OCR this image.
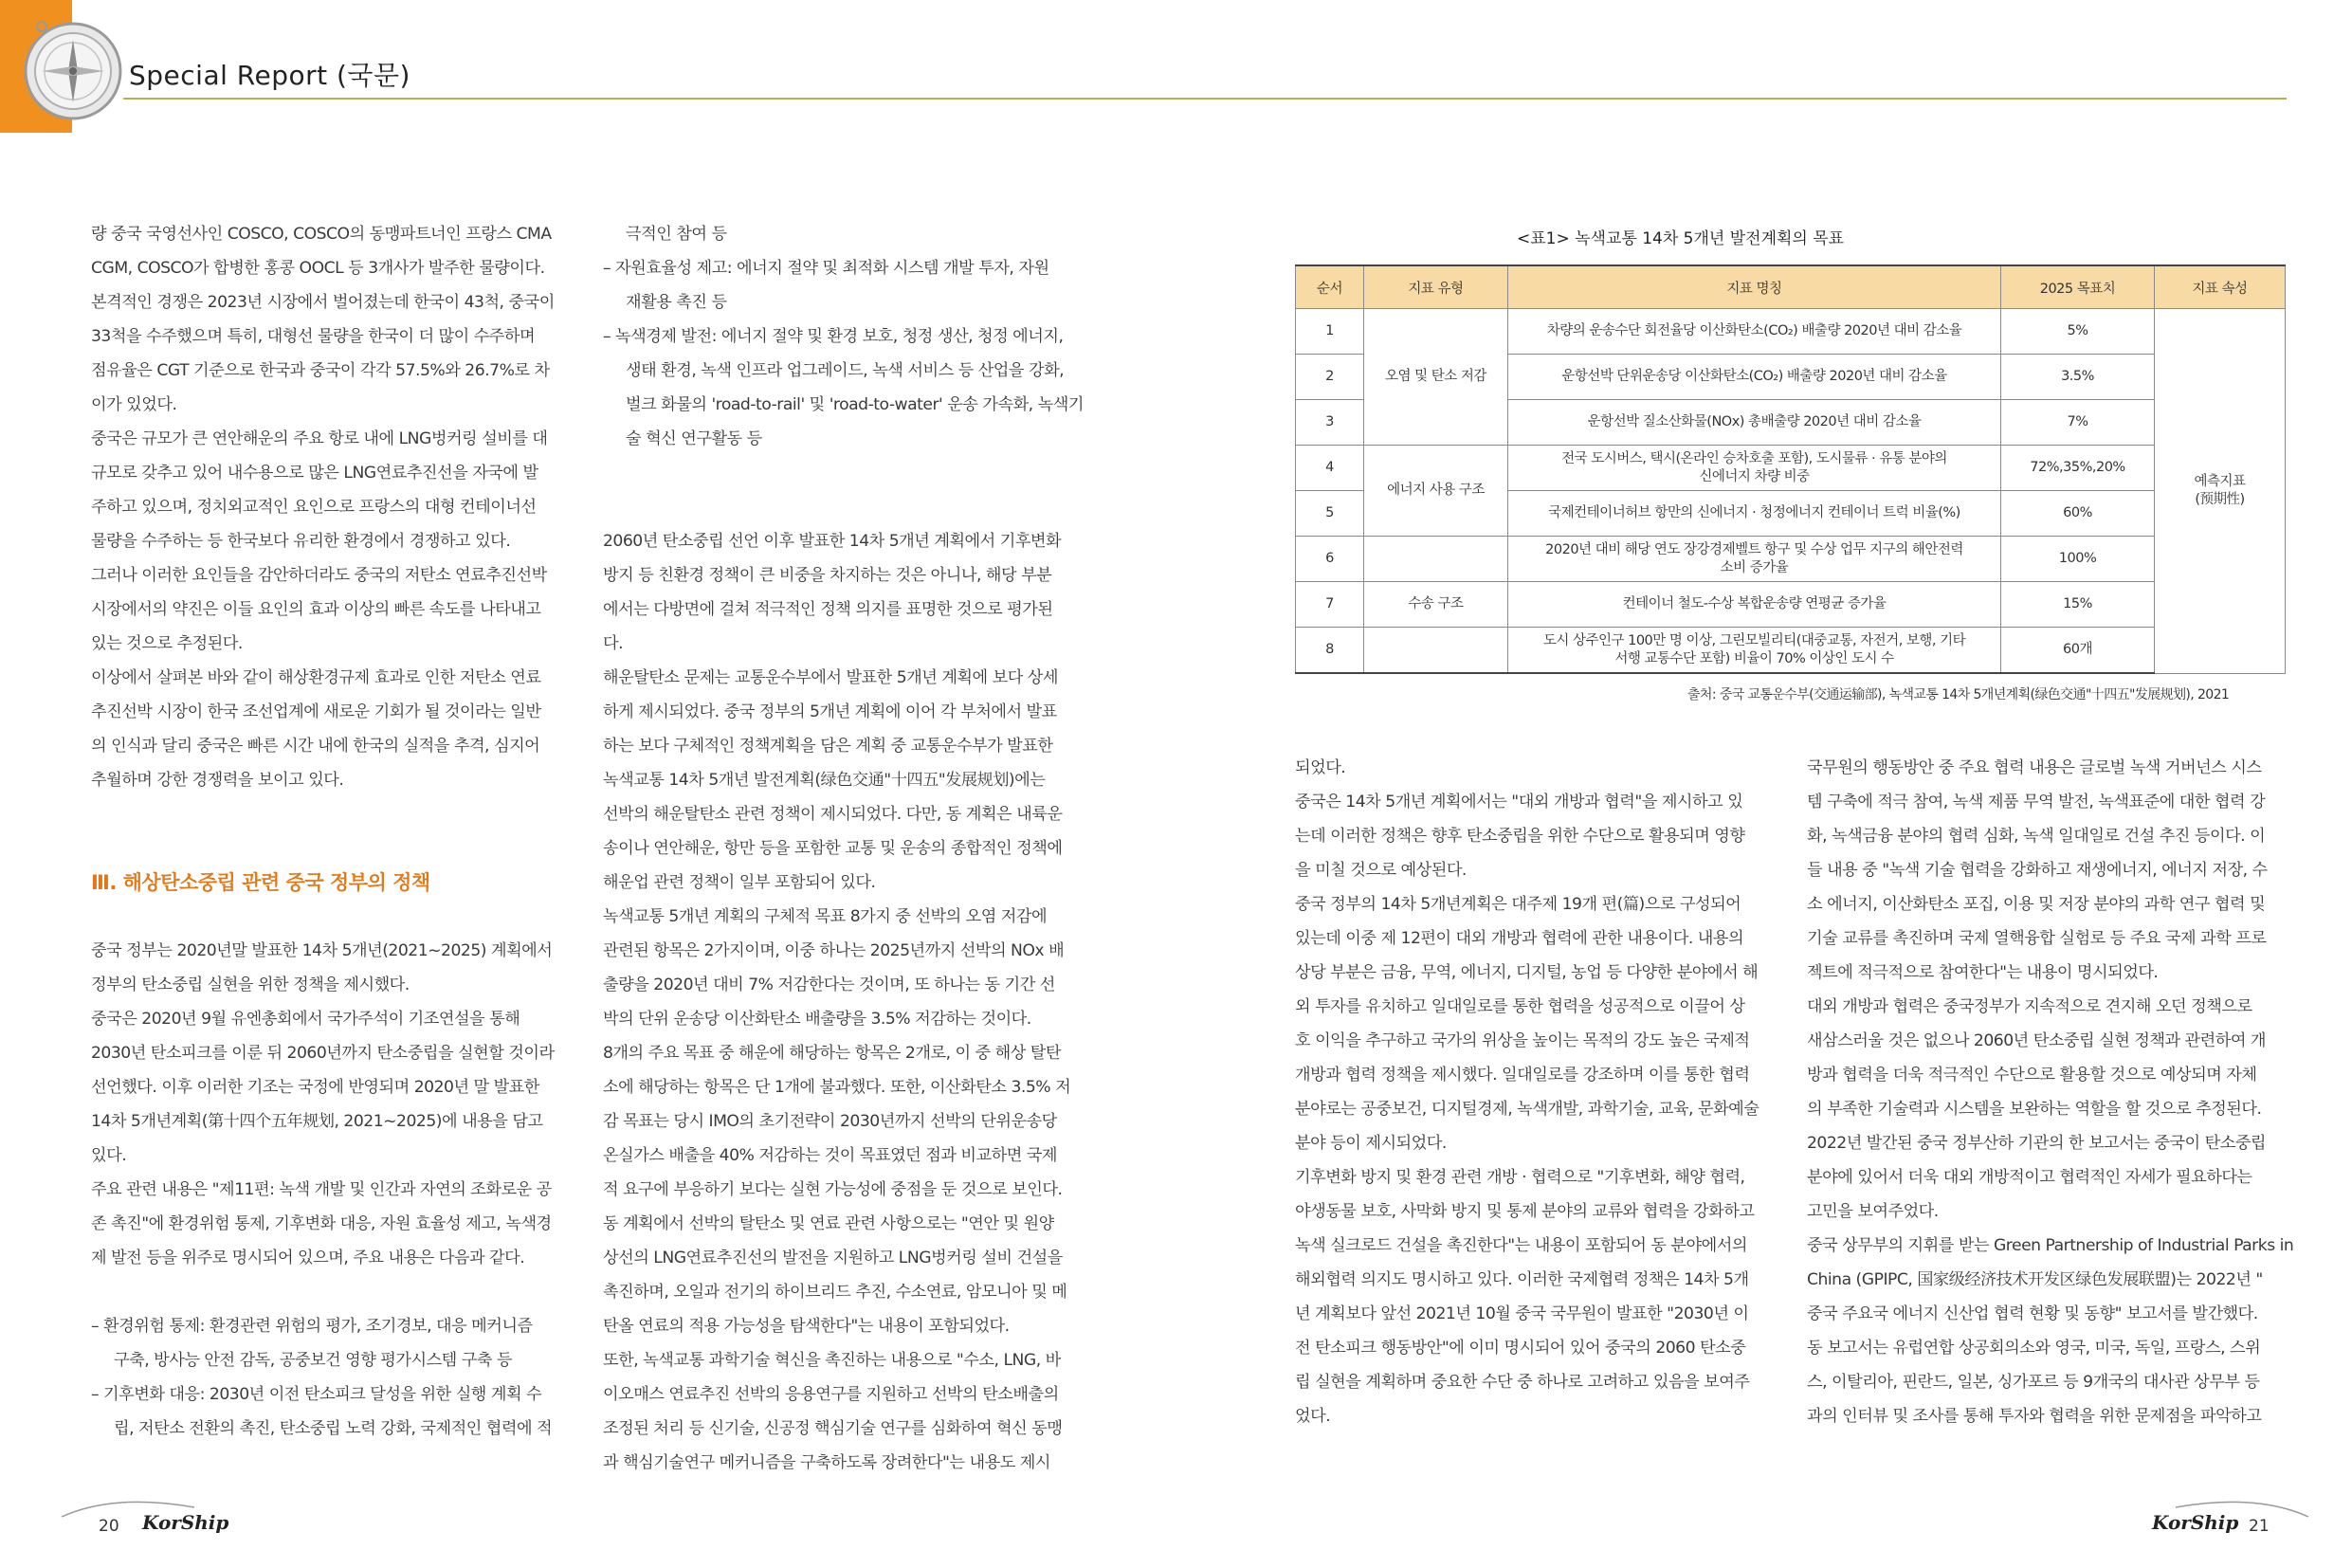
Special Report (국문)
량 중국 국영선사인 COSCO, COSCO의 동맹파트너인 프랑스 CMA
CGM, COSCO가 합병한 홍콩 OOCL 등 3개사가 발주한 물량이다.
본격적인 경쟁은 2023년 시장에서 벌어졌는데 한국이 43척, 중국이
33척을 수주했으며 특히, 대형선 물량을 한국이 더 많이 수주하며
점유율은 CGT 기준으로 한국과 중국이 각각 57.5%와 26.7%로 차
이가 있었다.
중국은 규모가 큰 연안해운의 주요 항로 내에 LNG벙커링 설비를 대
규모로 갖추고 있어 내수용으로 많은 LNG연료추진선을 자국에 발
주하고 있으며, 정치외교적인 요인으로 프랑스의 대형 컨테이너선
물량을 수주하는 등 한국보다 유리한 환경에서 경쟁하고 있다.
그러나 이러한 요인들을 감안하더라도 중국의 저탄소 연료추진선박
시장에서의 약진은 이들 요인의 효과 이상의 빠른 속도를 나타내고
있는 것으로 추정된다.
이상에서 살펴본 바와 같이 해상환경규제 효과로 인한 저탄소 연료
추진선박 시장이 한국 조선업계에 새로운 기회가 될 것이라는 일반
의 인식과 달리 중국은 빠른 시간 내에 한국의 실적을 추격, 심지어
추월하며 강한 경쟁력을 보이고 있다.
Ⅲ. 해상탄소중립 관련 중국 정부의 정책
중국 정부는 2020년말 발표한 14차 5개년(2021~2025) 계획에서
정부의 탄소중립 실현을 위한 정책을 제시했다.
중국은 2020년 9월 유엔총회에서 국가주석이 기조연설을 통해
2030년 탄소피크를 이룬 뒤 2060년까지 탄소중립을 실현할 것이라
선언했다. 이후 이러한 기조는 국정에 반영되며 2020년 말 발표한
14차 5개년계획(第十四个五年规划, 2021~2025)에 내용을 담고
있다.
주요 관련 내용은 "제11편: 녹색 개발 및 인간과 자연의 조화로운 공
존 촉진"에 환경위험 통제, 기후변화 대응, 자원 효율성 제고, 녹색경
제 발전 등을 위주로 명시되어 있으며, 주요 내용은 다음과 같다.
– 환경위험 통제: 환경관련 위험의 평가, 조기경보, 대응 메커니즘
구축, 방사능 안전 감독, 공중보건 영향 평가시스템 구축 등
– 기후변화 대응: 2030년 이전 탄소피크 달성을 위한 실행 계획 수
립, 저탄소 전환의 촉진, 탄소중립 노력 강화, 국제적인 협력에 적
극적인 참여 등
– 자원효율성 제고: 에너지 절약 및 최적화 시스템 개발 투자, 자원
재활용 촉진 등
– 녹색경제 발전: 에너지 절약 및 환경 보호, 청정 생산, 청정 에너지,
생태 환경, 녹색 인프라 업그레이드, 녹색 서비스 등 산업을 강화,
벌크 화물의 'road-to-rail' 및 'road-to-water' 운송 가속화, 녹색기
술 혁신 연구활동 등
2060년 탄소중립 선언 이후 발표한 14차 5개년 계획에서 기후변화
방지 등 친환경 정책이 큰 비중을 차지하는 것은 아니나, 해당 부분
에서는 다방면에 걸쳐 적극적인 정책 의지를 표명한 것으로 평가된
다.
해운탈탄소 문제는 교통운수부에서 발표한 5개년 계획에 보다 상세
하게 제시되었다. 중국 정부의 5개년 계획에 이어 각 부처에서 발표
하는 보다 구체적인 정책계획을 담은 계획 중 교통운수부가 발표한
녹색교통 14차 5개년 발전계획(绿色交通"十四五"发展规划)에는
선박의 해운탈탄소 관련 정책이 제시되었다. 다만, 동 계획은 내륙운
송이나 연안해운, 항만 등을 포함한 교통 및 운송의 종합적인 정책에
해운업 관련 정책이 일부 포함되어 있다.
녹색교통 5개년 계획의 구체적 목표 8가지 중 선박의 오염 저감에
관련된 항목은 2가지이며, 이중 하나는 2025년까지 선박의 NOx 배
출량을 2020년 대비 7% 저감한다는 것이며, 또 하나는 동 기간 선
박의 단위 운송당 이산화탄소 배출량을 3.5% 저감하는 것이다.
8개의 주요 목표 중 해운에 해당하는 항목은 2개로, 이 중 해상 탈탄
소에 해당하는 항목은 단 1개에 불과했다. 또한, 이산화탄소 3.5% 저
감 목표는 당시 IMO의 초기전략이 2030년까지 선박의 단위운송당
온실가스 배출을 40% 저감하는 것이 목표였던 점과 비교하면 국제
적 요구에 부응하기 보다는 실현 가능성에 중점을 둔 것으로 보인다.
동 계획에서 선박의 탈탄소 및 연료 관련 사항으로는 "연안 및 원양
상선의 LNG연료추진선의 발전을 지원하고 LNG벙커링 설비 건설을
촉진하며, 오일과 전기의 하이브리드 추진, 수소연료, 암모니아 및 메
탄올 연료의 적용 가능성을 탐색한다"는 내용이 포함되었다.
또한, 녹색교통 과학기술 혁신을 촉진하는 내용으로 "수소, LNG, 바
이오매스 연료추진 선박의 응용연구를 지원하고 선박의 탄소배출의
조정된 처리 등 신기술, 신공정 핵심기술 연구를 심화하여 혁신 동맹
과 핵심기술연구 메커니즘을 구축하도록 장려한다"는 내용도 제시
<표1> 녹색교통 14차 5개년 발전계획의 목표
순서	지표 유형	지표 명칭	2025 목표치	지표 속성
1	오염 및 탄소 저감	차량의 운송수단 회전율당 이산화탄소(CO₂) 배출량 2020년 대비 감소율	5%	예측지표
(预期性)

2		운항선박 단위운송당 이산화탄소(CO₂) 배출량 2020년 대비 감소율	3.5%	
3		운항선박 질소산화물(NOx) 총배출량 2020년 대비 감소율	7%	
4	에너지 사용 구조	전국 도시버스, 택시(온라인 승차호출 포함), 도시물류 · 유통 분야의
신에너지 차량 비중	72%,35%,20%	
5		국제컨테이너허브 항만의 신에너지 · 청정에너지 컨테이너 트럭 비율(%)	60%	
6		2020년 대비 해당 연도 장강경제벨트 항구 및 수상 업무 지구의 해안전력
소비 증가율	100%	
7	수송 구조	컨테이너 철도-수상 복합운송량 연평균 증가율	15%	
8		도시 상주인구 100만 명 이상, 그린모빌리티(대중교통, 자전거, 보행, 기타
서행 교통수단 포함) 비율이 70% 이상인 도시 수	60개	
출처: 중국 교통운수부(交通运输部), 녹색교통 14차 5개년계획(绿色交通"十四五"发展规划), 2021
되었다.
중국은 14차 5개년 계획에서는 "대외 개방과 협력"을 제시하고 있
는데 이러한 정책은 향후 탄소중립을 위한 수단으로 활용되며 영향
을 미칠 것으로 예상된다.
중국 정부의 14차 5개년계획은 대주제 19개 편(篇)으로 구성되어
있는데 이중 제 12편이 대외 개방과 협력에 관한 내용이다. 내용의
상당 부분은 금융, 무역, 에너지, 디지털, 농업 등 다양한 분야에서 해
외 투자를 유치하고 일대일로를 통한 협력을 성공적으로 이끌어 상
호 이익을 추구하고 국가의 위상을 높이는 목적의 강도 높은 국제적
개방과 협력 정책을 제시했다. 일대일로를 강조하며 이를 통한 협력
분야로는 공중보건, 디지털경제, 녹색개발, 과학기술, 교육, 문화예술
분야 등이 제시되었다.
기후변화 방지 및 환경 관련 개방 · 협력으로 "기후변화, 해양 협력,
야생동물 보호, 사막화 방지 및 통제 분야의 교류와 협력을 강화하고
녹색 실크로드 건설을 촉진한다"는 내용이 포함되어 동 분야에서의
해외협력 의지도 명시하고 있다. 이러한 국제협력 정책은 14차 5개
년 계획보다 앞선 2021년 10월 중국 국무원이 발표한 "2030년 이
전 탄소피크 행동방안"에 이미 명시되어 있어 중국의 2060 탄소중
립 실현을 계획하며 중요한 수단 중 하나로 고려하고 있음을 보여주
었다.
국무원의 행동방안 중 주요 협력 내용은 글로벌 녹색 거버넌스 시스
템 구축에 적극 참여, 녹색 제품 무역 발전, 녹색표준에 대한 협력 강
화, 녹색금융 분야의 협력 심화, 녹색 일대일로 건설 추진 등이다. 이
들 내용 중 "녹색 기술 협력을 강화하고 재생에너지, 에너지 저장, 수
소 에너지, 이산화탄소 포집, 이용 및 저장 분야의 과학 연구 협력 및
기술 교류를 촉진하며 국제 열핵융합 실험로 등 주요 국제 과학 프로
젝트에 적극적으로 참여한다"는 내용이 명시되었다.
대외 개방과 협력은 중국정부가 지속적으로 견지해 오던 정책으로
새삼스러울 것은 없으나 2060년 탄소중립 실현 정책과 관련하여 개
방과 협력을 더욱 적극적인 수단으로 활용할 것으로 예상되며 자체
의 부족한 기술력과 시스템을 보완하는 역할을 할 것으로 추정된다.
2022년 발간된 중국 정부산하 기관의 한 보고서는 중국이 탄소중립
분야에 있어서 더욱 대외 개방적이고 협력적인 자세가 필요하다는
고민을 보여주었다.
중국 상무부의 지휘를 받는 Green Partnership of Industrial Parks in
China (GPIPC, 国家级经济技术开发区绿色发展联盟)는 2022년 "
중국 주요국 에너지 신산업 협력 현황 및 동향" 보고서를 발간했다.
동 보고서는 유럽연합 상공회의소와 영국, 미국, 독일, 프랑스, 스위
스, 이탈리아, 핀란드, 일본, 싱가포르 등 9개국의 대사관 상무부 등
과의 인터뷰 및 조사를 통해 투자와 협력을 위한 문제점을 파악하고
20 KorShip	KorShip 21
